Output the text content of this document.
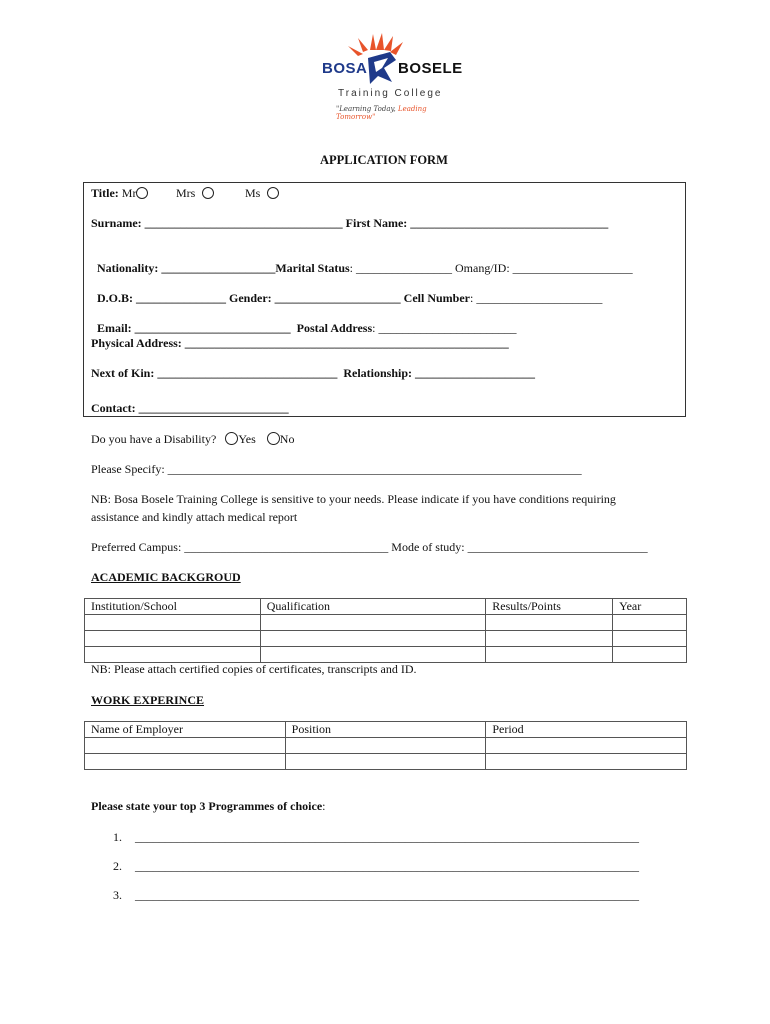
BOSA BOSELE
Training College
"Learning Today, Leading Tomorrow"
APPLICATION FORM
Title: Mr	Mrs	Ms
Surname: _________________________________ First Name: _________________________________

Nationality: ___________________Marital Status: ________________ Omang/ID: ____________________

D.O.B: _______________ Gender: _____________________ Cell Number: _____________________

Email: __________________________  Postal Address: _______________________

Physical Address: ______________________________________________________
Next of Kin: ______________________________  Relationship: ____________________
Contact: _________________________
Do you have a Disability? Yes No
Please Specify: _____________________________________________________________________
NB: Bosa Bosele Training College is sensitive to your needs. Please indicate if you have conditions requiring
assistance and kindly attach medical report
Preferred Campus: __________________________________ Mode of study: ______________________________
ACADEMIC BACKGROUD
Institution/School	Qualification	Results/Points	Year

NB: Please attach certified copies of certificates, transcripts and ID.
WORK EXPERINCE
Name of Employer	Position	Period

Please state your top 3 Programmes of choice:
1. ____________________________________________________________________________________
2. ____________________________________________________________________________________
3. ____________________________________________________________________________________
